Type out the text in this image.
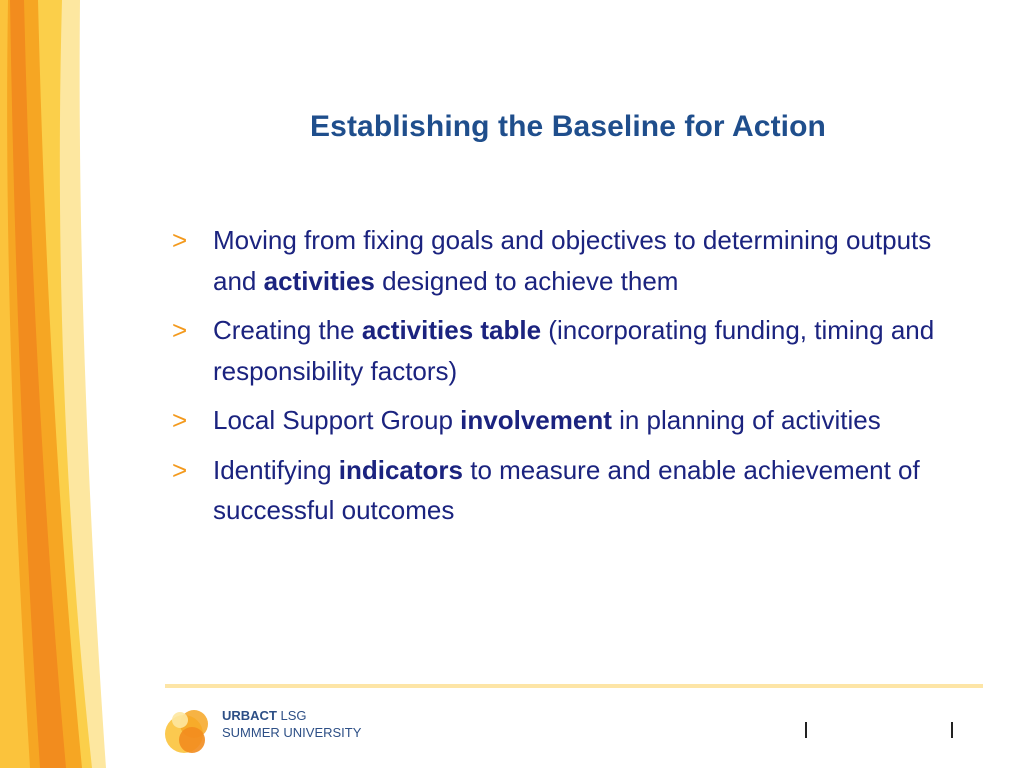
Establishing the Baseline for Action
> Moving from fixing goals and objectives to determining outputs and activities designed to achieve them
> Creating the activities table (incorporating funding, timing and responsibility factors)
> Local Support Group involvement in planning of activities
> Identifying indicators to measure and enable achievement of successful outcomes
URBACT LSG
SUMMER UNIVERSITY
